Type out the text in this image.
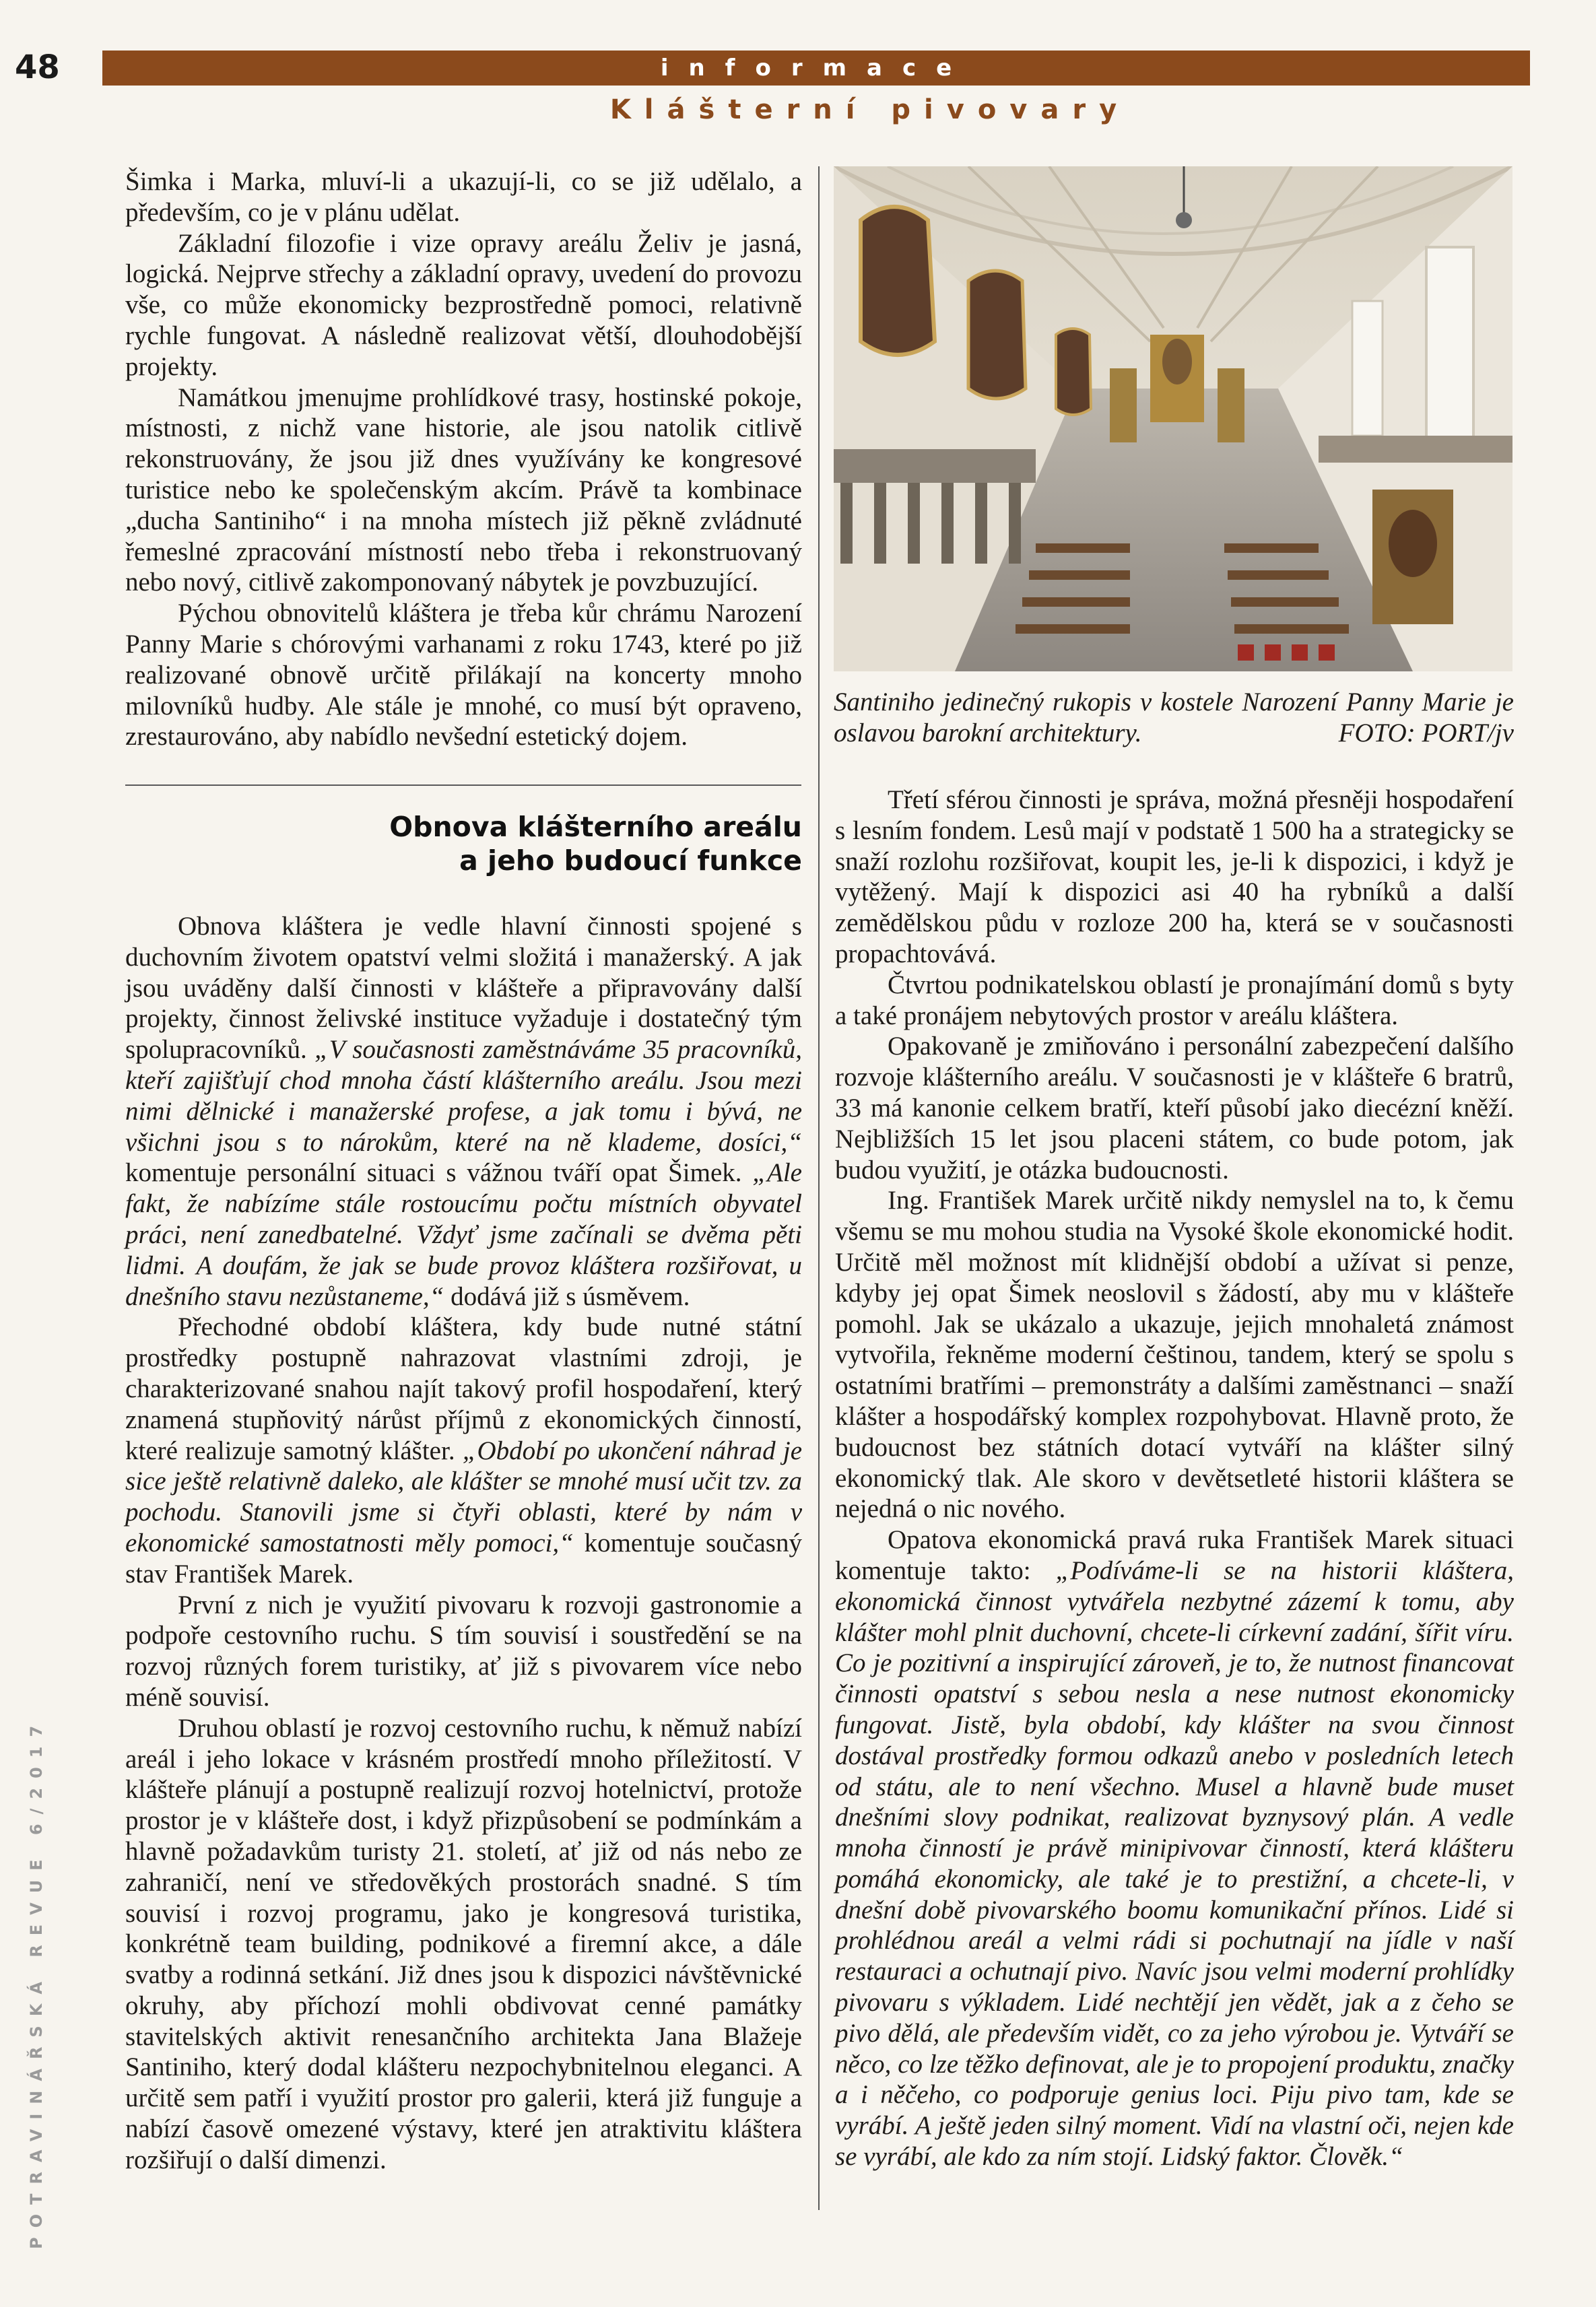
48	informace
Klášterní pivovary
POTRAVINÁŘSKÁ REVUE 6/2017
Santiniho jedinečný rukopis v kostele Narození Panny Marie je oslavou barokní architektury.	FOTO: PORT/jv

Šimka i Marka, mluví-li a ukazují-li, co se již udělalo, a především, co je v plánu udělat.

Základní filozofie i vize opravy areálu Želiv je jasná, logická. Nejprve střechy a základní opravy, uvedení do provozu vše, co může ekonomicky bezprostředně pomoci, relativně rychle fungovat. A následně realizovat větší, dlouhodobější projekty.

Namátkou jmenujme prohlídkové trasy, hostinské pokoje, místnosti, z nichž vane historie, ale jsou natolik citlivě rekonstruovány, že jsou již dnes využívány ke kongresové turistice nebo ke společenským akcím. Právě ta kombinace „ducha Santiniho“ i na mnoha místech již pěkně zvládnuté řemeslné zpracování místností nebo třeba i rekonstruovaný nebo nový, citlivě zakomponovaný nábytek je povzbuzující.

Pýchou obnovitelů kláštera je třeba kůr chrámu Narození Panny Marie s chórovými varhanami z roku 1743, které po již realizované obnově určitě přilákají na koncerty mnoho milovníků hudby. Ale stále je mnohé, co musí být opraveno, zrestaurováno, aby nabídlo nevšední estetický dojem.

Obnova klášterního areálu

a jeho budoucí funkce

Obnova kláštera je vedle hlavní činnosti spojené s duchovním životem opatství velmi složitá i manažerský. A jak jsou uváděny další činnosti v klášteře a připravovány další projekty, činnost želivské instituce vyžaduje i dostatečný tým spolupracovníků. „V současnosti zaměstnáváme 35 pracovníků, kteří zajišťují chod mnoha částí klášterního areálu. Jsou mezi nimi dělnické i manažerské profese, a jak tomu i bývá, ne všichni jsou s to nárokům, které na ně klademe, dosíci,“ komentuje personální situaci s vážnou tváří opat Šimek. „Ale fakt, že nabízíme stále rostoucímu počtu místních obyvatel práci, není zanedbatelné. Vždyť jsme začínali se dvěma pěti lidmi. A doufám, že jak se bude provoz kláštera rozšiřovat, u dnešního stavu nezůstaneme,“ dodává již s úsměvem.

Přechodné období kláštera, kdy bude nutné státní prostředky postupně nahrazovat vlastními zdroji, je charakterizované snahou najít takový profil hospodaření, který znamená stupňovitý nárůst příjmů z ekonomických činností, které realizuje samotný klášter. „Období po ukončení náhrad je sice ještě relativně daleko, ale klášter se mnohé musí učit tzv. za pochodu. Stanovili jsme si čtyři oblasti, které by nám v ekonomické samostatnosti měly pomoci,“ komentuje současný stav František Marek.

První z nich je využití pivovaru k rozvoji gastronomie a podpoře cestovního ruchu. S tím souvisí i soustředění se na rozvoj různých forem turistiky, ať již s pivovarem více nebo méně souvisí.

Druhou oblastí je rozvoj cestovního ruchu, k němuž nabízí areál i jeho lokace v krásném prostředí mnoho příležitostí. V klášteře plánují a postupně realizují rozvoj hotelnictví, protože prostor je v klášteře dost, i když přizpůsobení se podmínkám a hlavně požadavkům turisty 21. století, ať již od nás nebo ze zahraničí, není ve středověkých prostorách snadné. S tím souvisí i rozvoj programu, jako je kongresová turistika, konkrétně team building, podnikové a firemní akce, a dále svatby a rodinná setkání. Již dnes jsou k dispozici návštěvnické okruhy, aby příchozí mohli obdivovat cenné památky stavitelských aktivit renesančního architekta Jana Blažeje Santiniho, který dodal klášteru nezpochybnitelnou eleganci. A určitě sem patří i využití prostor pro galerii, která již funguje a nabízí časově omezené výstavy, které jen atraktivitu kláštera rozšiřují o další dimenzi.

Třetí sférou činnosti je správa, možná přesněji hospodaření s lesním fondem. Lesů mají v podstatě 1 500 ha a strategicky se snaží rozlohu rozšiřovat, koupit les, je-li k dispozici, i když je vytěžený. Mají k dispozici asi 40 ha rybníků a další zemědělskou půdu v rozloze 200 ha, která se v současnosti propachtovává.

Čtvrtou podnikatelskou oblastí je pronajímání domů s byty a také pronájem nebytových prostor v areálu kláštera.

Opakovaně je zmiňováno i personální zabezpečení dalšího rozvoje klášterního areálu. V současnosti je v klášteře 6 bratrů, 33 má kanonie celkem bratří, kteří působí jako diecézní kněží. Nejbližších 15 let jsou placeni státem, co bude potom, jak budou využití, je otázka budoucnosti.

Ing. František Marek určitě nikdy nemyslel na to, k čemu všemu se mu mohou studia na Vysoké škole ekonomické hodit. Určitě měl možnost mít klidnější období a užívat si penze, kdyby jej opat Šimek neoslovil s žádostí, aby mu v klášteře pomohl. Jak se ukázalo a ukazuje, jejich mnohaletá známost vytvořila, řekněme moderní češtinou, tandem, který se spolu s ostatními bratřími – premonstráty a dalšími zaměstnanci – snaží klášter a hospodářský komplex rozpohybovat. Hlavně proto, že budoucnost bez státních dotací vytváří na klášter silný ekonomický tlak. Ale skoro v devětsetleté historii kláštera se nejedná o nic nového.

Opatova ekonomická pravá ruka František Marek situaci komentuje takto: „Podíváme-li se na historii kláštera, ekonomická činnost vytvářela nezbytné zázemí k tomu, aby klášter mohl plnit duchovní, chcete-li církevní zadání, šířit víru. Co je pozitivní a inspirující zároveň, je to, že nutnost financovat činnosti opatství s sebou nesla a nese nutnost ekonomicky fungovat. Jistě, byla období, kdy klášter na svou činnost dostával prostředky formou odkazů anebo v posledních letech od státu, ale to není všechno. Musel a hlavně bude muset dnešními slovy podnikat, realizovat byznysový plán. A vedle mnoha činností je právě minipivovar činností, která klášteru pomáhá ekonomicky, ale také je to prestižní, a chcete-li, v dnešní době pivovarského boomu komunikační přínos. Lidé si prohlédnou areál a velmi rádi si pochutnají na jídle v naší restauraci a ochutnají pivo. Navíc jsou velmi moderní prohlídky pivovaru s výkladem. Lidé nechtějí jen vědět, jak a z čeho se pivo dělá, ale především vidět, co za jeho výrobou je. Vytváří se něco, co lze těžko definovat, ale je to propojení produktu, značky a i něčeho, co podporuje genius loci. Piju pivo tam, kde se vyrábí. A ještě jeden silný moment. Vidí na vlastní oči, nejen kde se vyrábí, ale kdo za ním stojí. Lidský faktor. Člověk.“
